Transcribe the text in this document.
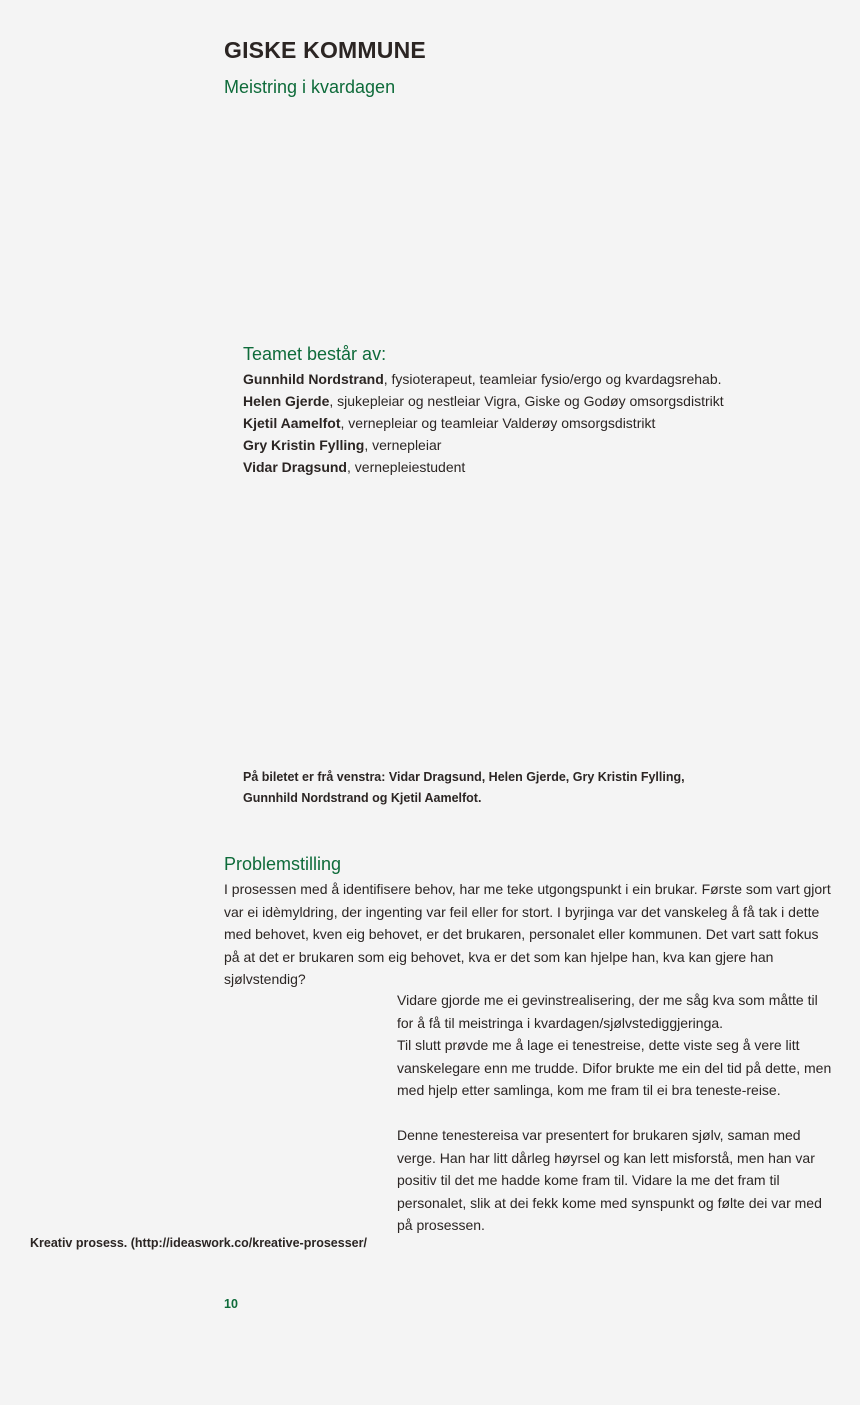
GISKE KOMMUNE
Meistring i kvardagen
Teamet består av:
Gunnhild Nordstrand, fysioterapeut, teamleiar fysio/ergo og kvardagsrehab.
Helen Gjerde, sjukepleiar og nestleiar Vigra, Giske og Godøy omsorgsdistrikt
Kjetil Aamelfot, vernepleiar og teamleiar Valderøy omsorgsdistrikt
Gry Kristin Fylling, vernepleiar
Vidar Dragsund, vernepleiestudent
På biletet er frå venstra: Vidar Dragsund, Helen Gjerde, Gry Kristin Fylling,
Gunnhild Nordstrand og Kjetil Aamelfot.
Problemstilling
I prosessen med å identifisere behov, har me teke utgongspunkt i ein brukar. Første som vart gjort var ei idèmyldring, der ingenting var feil eller for stort. I byrjinga var det vanskeleg å få tak i dette med behovet, kven eig behovet, er det brukaren, personalet eller kommunen. Det vart satt fokus på at det er brukaren som eig behovet, kva er det som kan hjelpe han, kva kan gjere han sjølvstendig?

Vidare gjorde me ei gevinstrealisering, der me såg kva som måtte til for å få til meistringa i kvardagen/sjølvstediggjeringa.

Til slutt prøvde me å lage ei tenestreise, dette viste seg å vere litt vanskelegare enn me trudde. Difor brukte me ein del tid på dette, men med hjelp etter samlinga, kom me fram til ei bra teneste-reise.

Denne tenestereisa var presentert for brukaren sjølv, saman med verge. Han har litt dårleg høyrsel og kan lett misforstå, men han var positiv til det me hadde kome fram til. Vidare la me det fram til personalet, slik at dei fekk kome med synspunkt og følte dei var med på prosessen.

Kreativ prosess. (http://ideaswork.co/kreative-prosesser/
10
